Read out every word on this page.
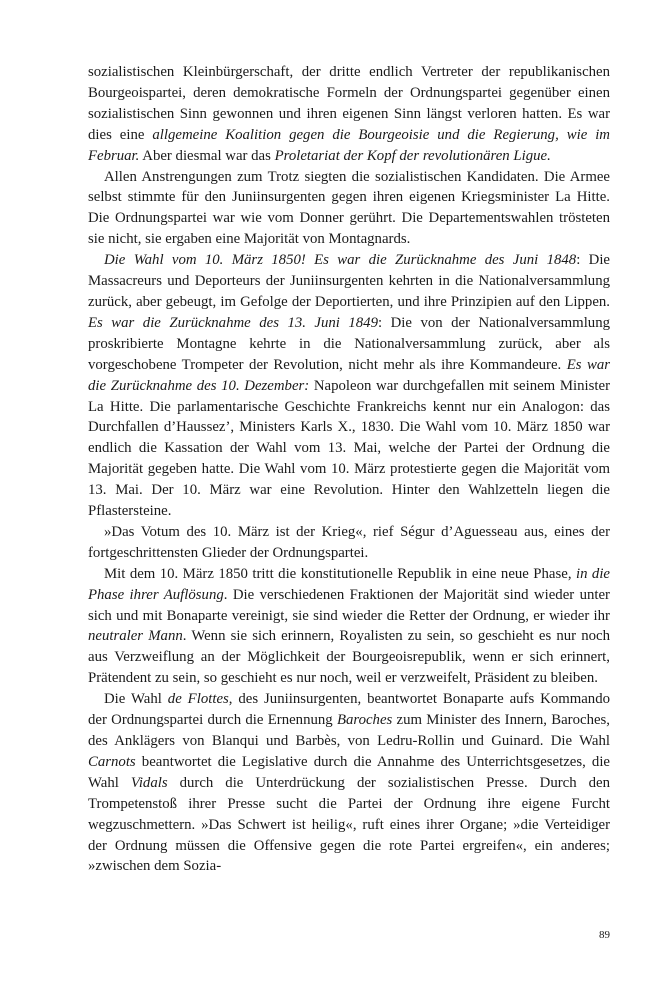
sozialistischen Kleinbürgerschaft, der dritte endlich Vertreter der republikanischen Bourgeoispartei, deren demokratische Formeln der Ordnungspartei gegenüber einen sozialistischen Sinn gewonnen und ihren eigenen Sinn längst verloren hatten. Es war dies eine allgemeine Koalition gegen die Bourgeoisie und die Regierung, wie im Februar. Aber diesmal war das Proletariat der Kopf der revolutionären Ligue.

Allen Anstrengungen zum Trotz siegten die sozialistischen Kandidaten. Die Armee selbst stimmte für den Juniinsurgenten gegen ihren eigenen Kriegsminister La Hitte. Die Ordnungspartei war wie vom Donner gerührt. Die Departementswahlen trösteten sie nicht, sie ergaben eine Majorität von Montagnards.

Die Wahl vom 10. März 1850! Es war die Zurücknahme des Juni 1848: Die Massacreurs und Deporteurs der Juniinsurgenten kehrten in die Nationalversammlung zurück, aber gebeugt, im Gefolge der Deportierten, und ihre Prinzipien auf den Lippen. Es war die Zurücknahme des 13. Juni 1849: Die von der Nationalversammlung proskribierte Montagne kehrte in die Nationalversammlung zurück, aber als vorgeschobene Trompeter der Revolution, nicht mehr als ihre Kommandeure. Es war die Zurücknahme des 10. Dezember: Napoleon war durchgefallen mit seinem Minister La Hitte. Die parlamentarische Geschichte Frankreichs kennt nur ein Analogon: das Durchfallen d’Haussez’, Ministers Karls X., 1830. Die Wahl vom 10. März 1850 war endlich die Kassation der Wahl vom 13. Mai, welche der Partei der Ordnung die Majorität gegeben hatte. Die Wahl vom 10. März protestierte gegen die Majorität vom 13. Mai. Der 10. März war eine Revolution. Hinter den Wahlzetteln liegen die Pflastersteine.

»Das Votum des 10. März ist der Krieg«, rief Ségur d’Aguesseau aus, eines der fortgeschrittensten Glieder der Ordnungspartei.

Mit dem 10. März 1850 tritt die konstitutionelle Republik in eine neue Phase, in die Phase ihrer Auflösung. Die verschiedenen Fraktionen der Majorität sind wieder unter sich und mit Bonaparte vereinigt, sie sind wieder die Retter der Ordnung, er wieder ihr neutraler Mann. Wenn sie sich erinnern, Royalisten zu sein, so geschieht es nur noch aus Verzweiflung an der Möglichkeit der Bourgeoisrepublik, wenn er sich erinnert, Prätendent zu sein, so geschieht es nur noch, weil er verzweifelt, Präsident zu bleiben.

Die Wahl de Flottes, des Juniinsurgenten, beantwortet Bonaparte aufs Kommando der Ordnungspartei durch die Ernennung Baroches zum Minister des Innern, Baroches, des Anklägers von Blanqui und Barbès, von Ledru-Rollin und Guinard. Die Wahl Carnots beantwortet die Legislative durch die Annahme des Unterrichtsgesetzes, die Wahl Vidals durch die Unterdrückung der sozialistischen Presse. Durch den Trompetenstoß ihrer Presse sucht die Partei der Ordnung ihre eigene Furcht wegzuschmettern. »Das Schwert ist heilig«, ruft eines ihrer Organe; »die Verteidiger der Ordnung müssen die Offensive gegen die rote Partei ergreifen«, ein anderes; »zwischen dem Sozia-

89
